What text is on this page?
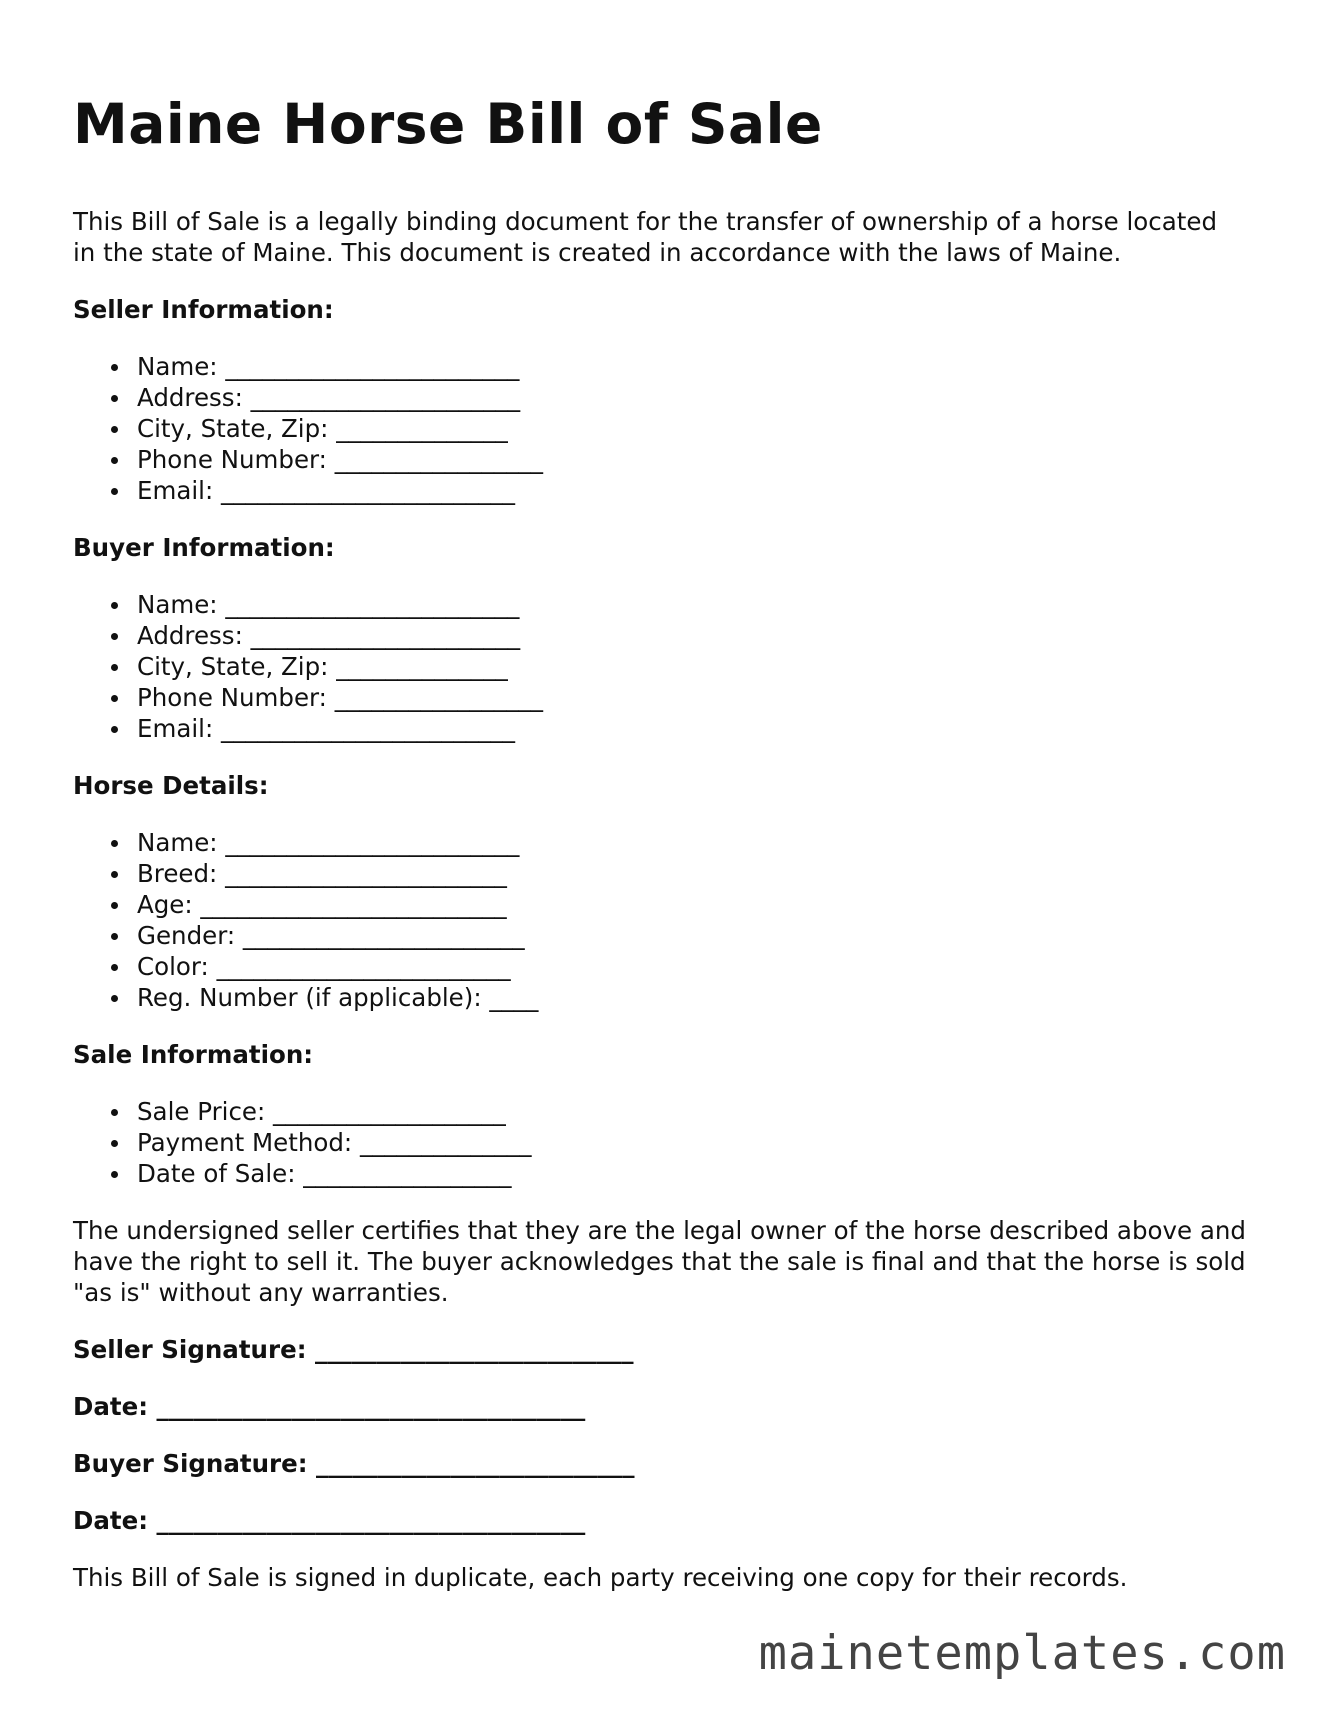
Maine Horse Bill of Sale

This Bill of Sale is a legally binding document for the transfer of ownership of a horse located in the state of Maine. This document is created in accordance with the laws of Maine.

Seller Information:

Name: ________________________
Address: ______________________
City, State, Zip: ______________
Phone Number: _________________
Email: ________________________

Buyer Information:

Name: ________________________
Address: ______________________
City, State, Zip: ______________
Phone Number: _________________
Email: ________________________

Horse Details:

Name: ________________________
Breed: _______________________
Age: _________________________
Gender: _______________________
Color: ________________________
Reg. Number (if applicable): ____

Sale Information:

Sale Price: ___________________
Payment Method: ______________
Date of Sale: _________________

The undersigned seller certifies that they are the legal owner of the horse described above and have the right to sell it. The buyer acknowledges that the sale is final and that the horse is sold "as is" without any warranties.

Seller Signature: __________________________

Date: ___________________________________

Buyer Signature: __________________________

Date: ___________________________________

This Bill of Sale is signed in duplicate, each party receiving one copy for their records.

mainetemplates.com
